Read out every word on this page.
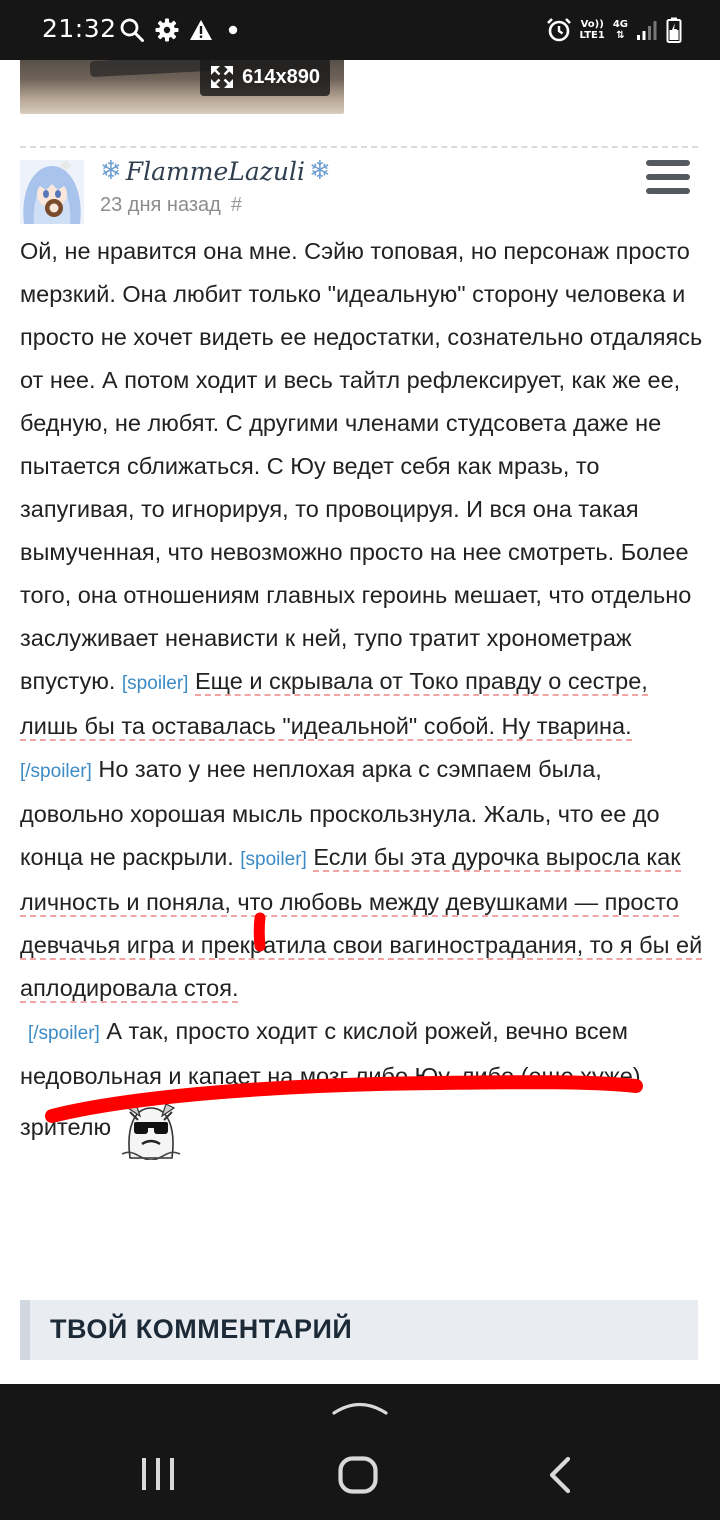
21:32	Vo))
LTE1
4G
⇅
614x890
❄ FlammeLazuli ❄
23 дня назад #
Ой, не нравится она мне. Сэйю топовая, но персонаж просто мерзкий. Она любит только "идеальную" сторону человека и просто не хочет видеть ее недостатки, сознательно отдаляясь от нее. А потом ходит и весь тайтл рефлексирует, как же ее, бедную, не любят. С другими членами студсовета даже не пытается сближаться. С Юу ведет себя как мразь, то запугивая, то игнорируя, то провоцируя. И вся она такая вымученная, что невозможно просто на нее смотреть. Более того, она отношениям главных героинь мешает, что отдельно заслуживает ненависти к ней, тупо тратит хронометраж впустую. [spoiler] Еще и скрывала от Токо правду о сестре, лишь бы та оставалась "идеальной" собой. Ну тварина. [/spoiler] Но зато у нее неплохая арка с сэмпаем была, довольно хорошая мысль проскользнула. Жаль, что ее до конца не раскрыли. [spoiler] Если бы эта дурочка выросла как личность и поняла, что любовь между девушками — просто девчачья игра и прекратила свои вагинострадания, то я бы ей аплодировала стоя.
[/spoiler] А так, просто ходит с кислой рожей, вечно всем недовольная и капает на мозг либо Юу, либо (еще хуже) зрителю
ТВОЙ КОММЕНТАРИЙ
